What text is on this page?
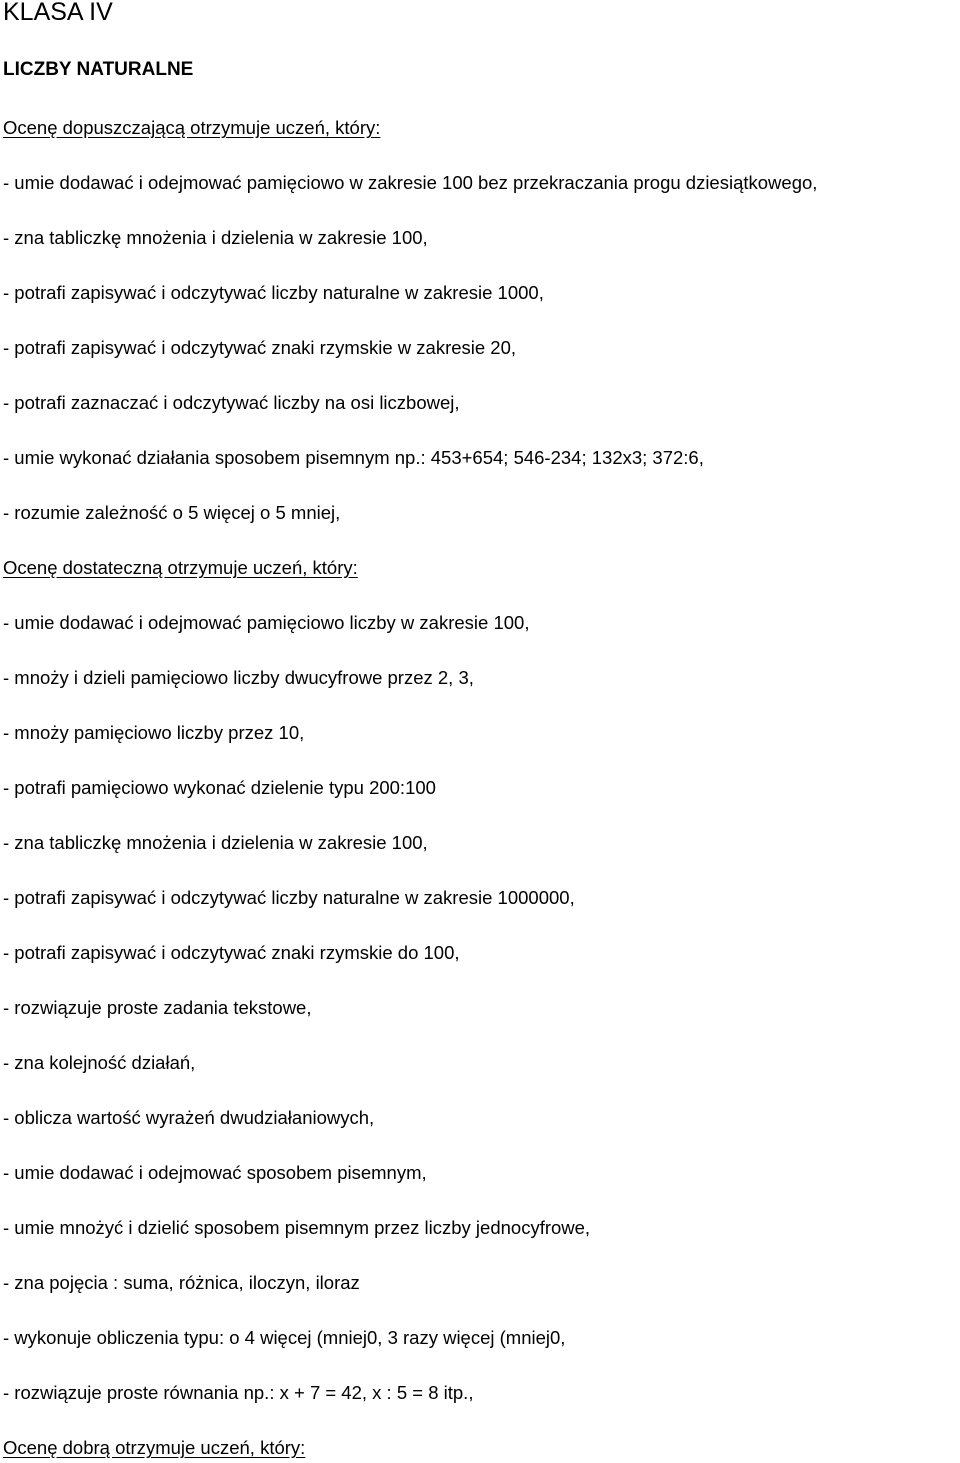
KLASA IV
LICZBY NATURALNE

Ocenę dopuszczającą otrzymuje uczeń, który:

- umie dodawać i odejmować pamięciowo w zakresie 100 bez przekraczania progu dziesiątkowego,

- zna tabliczkę mnożenia i dzielenia w zakresie 100,

- potrafi zapisywać i odczytywać liczby naturalne w zakresie 1000,

- potrafi zapisywać i odczytywać znaki rzymskie w zakresie 20,

- potrafi zaznaczać i odczytywać liczby na osi liczbowej,

- umie wykonać działania sposobem pisemnym np.: 453+654; 546-234; 132x3; 372:6,

- rozumie zależność o 5 więcej o 5 mniej,

Ocenę dostateczną otrzymuje uczeń, który:

- umie dodawać i odejmować pamięciowo liczby w zakresie 100,

- mnoży i dzieli pamięciowo liczby dwucyfrowe przez 2, 3,

- mnoży pamięciowo liczby przez 10,

- potrafi pamięciowo wykonać dzielenie typu 200:100

- zna tabliczkę mnożenia i dzielenia w zakresie 100,

- potrafi zapisywać i odczytywać liczby naturalne w zakresie 1000000,

- potrafi zapisywać i odczytywać znaki rzymskie do 100,

- rozwiązuje proste zadania tekstowe,

- zna kolejność działań,

- oblicza wartość wyrażeń dwudziałaniowych,

- umie dodawać i odejmować sposobem pisemnym,

- umie mnożyć i dzielić sposobem pisemnym przez liczby jednocyfrowe,

- zna pojęcia : suma, różnica, iloczyn, iloraz

- wykonuje obliczenia typu: o 4 więcej (mniej0, 3 razy więcej (mniej0,

- rozwiązuje proste równania np.: x + 7 = 42, x : 5 = 8 itp.,

Ocenę dobrą otrzymuje uczeń, który:
